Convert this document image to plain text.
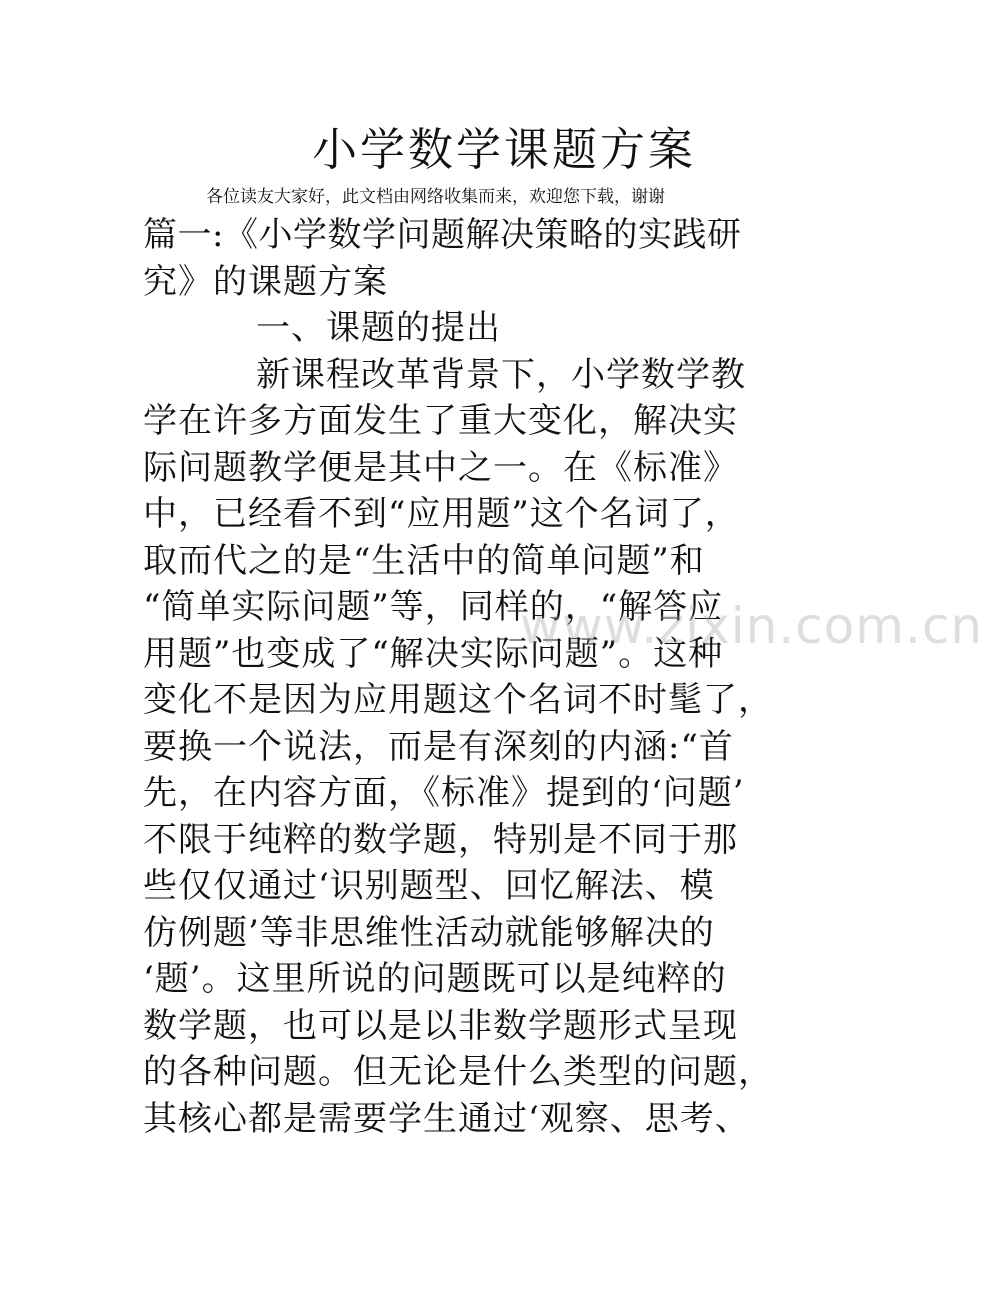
小学数学课题方案
各位读友大家好，此文档由网络收集而来，欢迎您下载，谢谢
篇一:《小学数学问题解决策略的实践研
究》的课题方案
一、课题的提出
新课程改革背景下，小学数学教
学在许多方面发生了重大变化，解决实
际问题教学便是其中之一。在《标准》
中，已经看不到“应用题”这个名词了，
取而代之的是“生活中的简单问题”和
“简单实际问题”等，同样的，“解答应
用题”也变成了“解决实际问题”。这种
变化不是因为应用题这个名词不时髦了，
要换一个说法，而是有深刻的内涵:“首
先，在内容方面，《标准》提到的‘问题’
不限于纯粹的数学题，特别是不同于那
些仅仅通过‘识别题型、回忆解法、模
仿例题’等非思维性活动就能够解决的
‘题’。这里所说的问题既可以是纯粹的
数学题，也可以是以非数学题形式呈现
的各种问题。但无论是什么类型的问题，
其核心都是需要学生通过‘观察、思考、
www.zixin.com.cn
